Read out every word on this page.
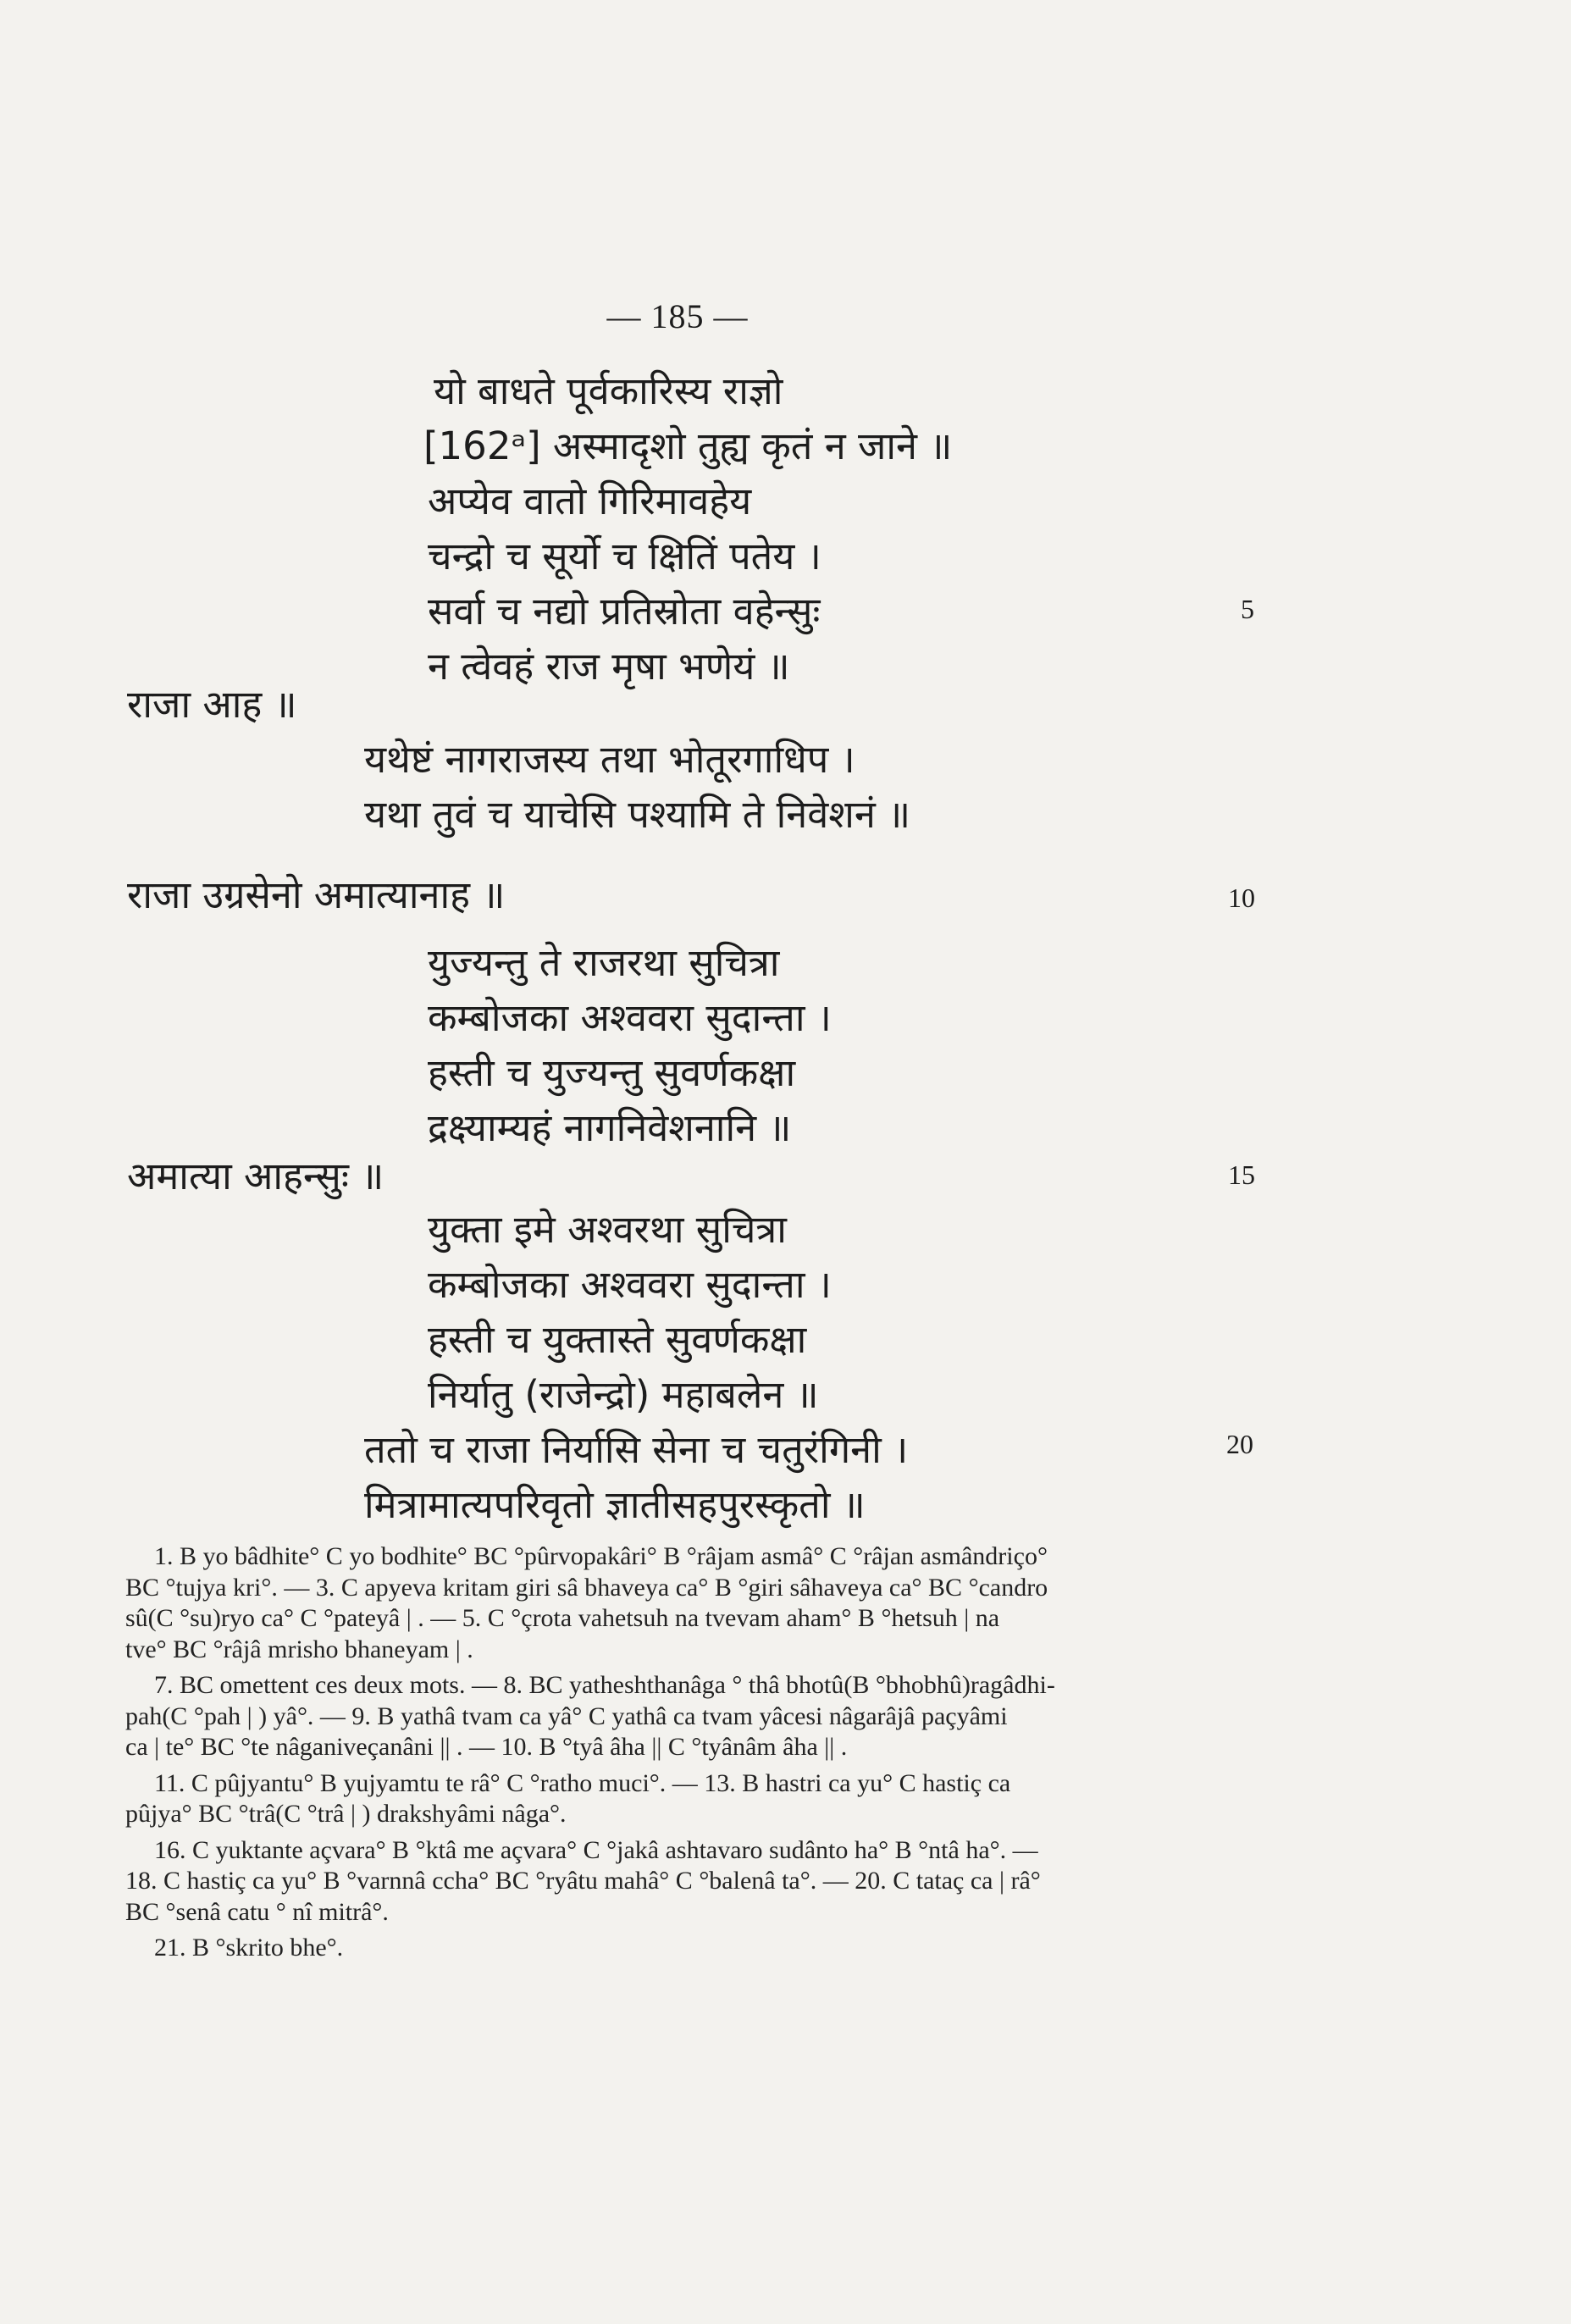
— 185 —
यो बाधते पूर्वकारिस्य राज्ञो
[162ᵃ] अस्मादृशो तुह्य कृतं न जाने ॥
अप्येव वातो गिरिमावहेय
चन्द्रो च सूर्यो च क्षितिं पतेय ।
सर्वा च नद्यो प्रतिस्रोता वहेन्सुः
न त्वेवहं राज मृषा भणेयं ॥
राजा आह ॥
यथेष्टं नागराजस्य तथा भोतूरगाधिप ।
यथा तुवं च याचेसि पश्यामि ते निवेशनं ॥
राजा उग्रसेनो अमात्यानाह ॥
युज्यन्तु ते राजरथा सुचित्रा
कम्बोजका अश्ववरा सुदान्ता ।
हस्ती च युज्यन्तु सुवर्णकक्षा
द्रक्ष्याम्यहं नागनिवेशनानि ॥
अमात्या आहन्सुः ॥
युक्ता इमे अश्वरथा सुचित्रा
कम्बोजका अश्ववरा सुदान्ता ।
हस्ती च युक्तास्ते सुवर्णकक्षा
निर्यातु (राजेन्द्रो) महाबलेन ॥
ततो च राजा निर्यासि सेना च चतुरंगिनी ।
मित्रामात्यपरिवृतो ज्ञातीसहपुरस्कृतो ॥
5
10
15
20

1. B yo bâdhite° C yo bodhite° BC °pûrvopakâri° B °râjam asmâ° C °râjan asmândriço°

BC °tujya kri°. — 3. C apyeva kritam giri sâ bhaveya ca° B °giri sâhaveya ca° BC °candro

sû(C °su)ryo ca° C °pateyâ | . — 5. C °çrota vahetsuh na tvevam aham° B °hetsuh | na

tve° BC °râjâ mrisho bhaneyam | .

7. BC omettent ces deux mots. — 8. BC yatheshthanâga ° thâ bhotû(B °bhobhû)ragâdhi-

pah(C °pah | ) yâ°. — 9. B yathâ tvam ca yâ° C yathâ ca tvam yâcesi nâgarâjâ paçyâmi

ca | te° BC °te nâganiveçanâni || . — 10. B °tyâ âha || C °tyânâm âha || .

11. C pûjyantu° B yujyamtu te râ° C °ratho muci°. — 13. B hastri ca yu° C hastiç ca

pûjya° BC °trâ(C °trâ | ) drakshyâmi nâga°.

16. C yuktante açvara° B °ktâ me açvara° C °jakâ ashtavaro sudânto ha° B °ntâ ha°. —

18. C hastiç ca yu° B °varnnâ ccha° BC °ryâtu mahâ° C °balenâ ta°. — 20. C tataç ca | râ°

BC °senâ catu ° nî mitrâ°.

21. B °skrito bhe°.
